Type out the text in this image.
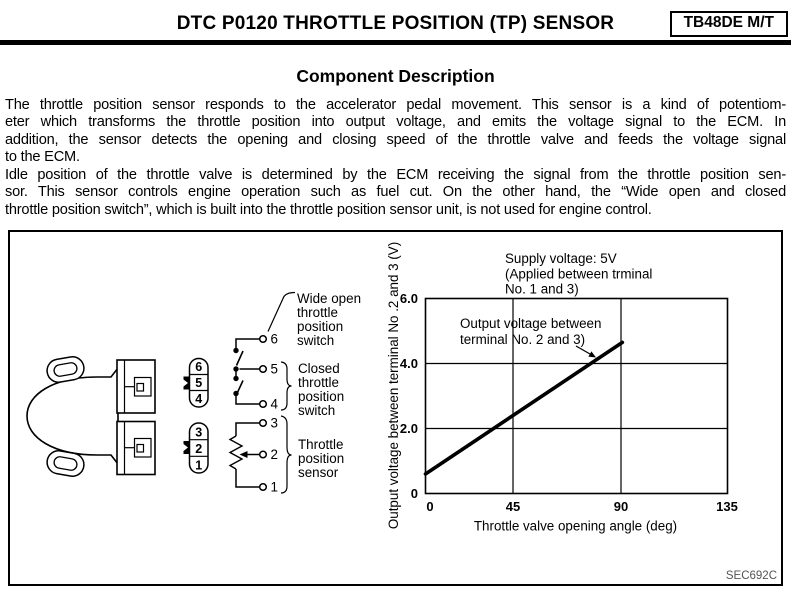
DTC P0120 THROTTLE POSITION (TP) SENSOR	TB48DE M/T
Component Description
The throttle position sensor responds to the accelerator pedal movement. This sensor is a kind of potentiom-
eter which transforms the throttle position into output voltage, and emits the voltage signal to the ECM. In
addition, the sensor detects the opening and closing speed of the throttle valve and feeds the voltage signal
to the ECM.
Idle position of the throttle valve is determined by the ECM receiving the signal from the throttle position sen-
sor. This sensor controls engine operation such as fuel cut. On the other hand, the “Wide open and closed
throttle position switch”, which is built into the throttle position sensor unit, is not used for engine control.
6
5
4
3
2
1
6
5
4
3
2
1
Wide open
throttle
position
switch
Closed
throttle
position
switch
Throttle
position
sensor
6.0
4.0
2.0
0
0	45	90	135
Throttle valve opening angle (deg)
Output voltage between terminal No .2 and 3 (V)	Supply voltage: 5V
(Applied between trminal
No. 1 and 3)
Output voltage between
terminal No. 2 and 3)
SEC692C
